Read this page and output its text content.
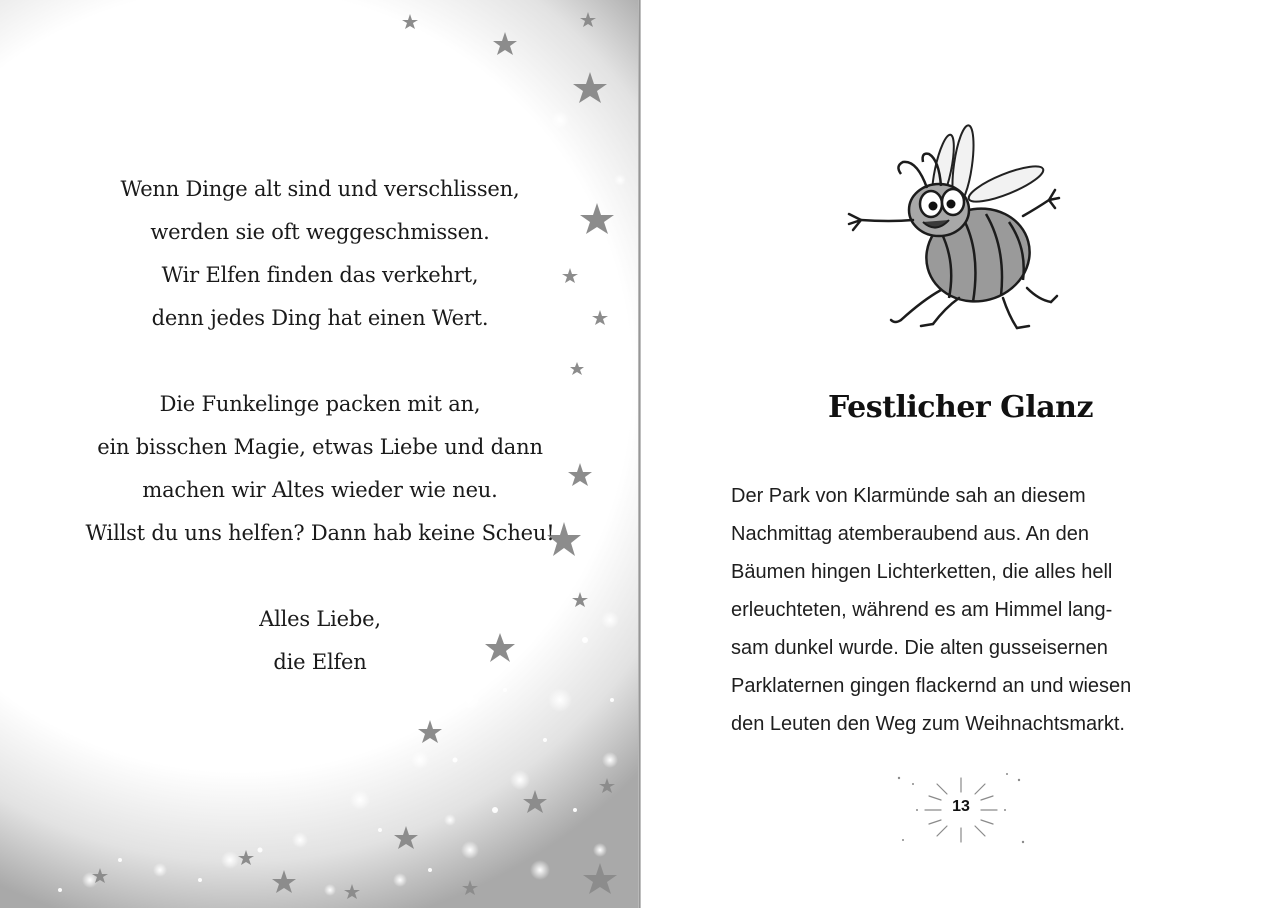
Wenn Dinge alt sind und verschlissen,
werden sie oft weggeschmissen.
Wir Elfen finden das verkehrt,
denn jedes Ding hat einen Wert.
Die Funkelinge packen mit an,
ein bisschen Magie, etwas Liebe und dann
machen wir Altes wieder wie neu.
Willst du uns helfen? Dann hab keine Scheu!
Alles Liebe,
die Elfen
Festlicher Glanz
Der Park von Klarmünde sah an diesem
Nachmittag atemberaubend aus. An den
Bäumen hingen Lichterketten, die alles hell
erleuchteten, während es am Himmel lang-
sam dunkel wurde. Die alten gusseisernen
Parklaternen gingen flackernd an und wiesen
den Leuten den Weg zum Weihnachtsmarkt.
13
